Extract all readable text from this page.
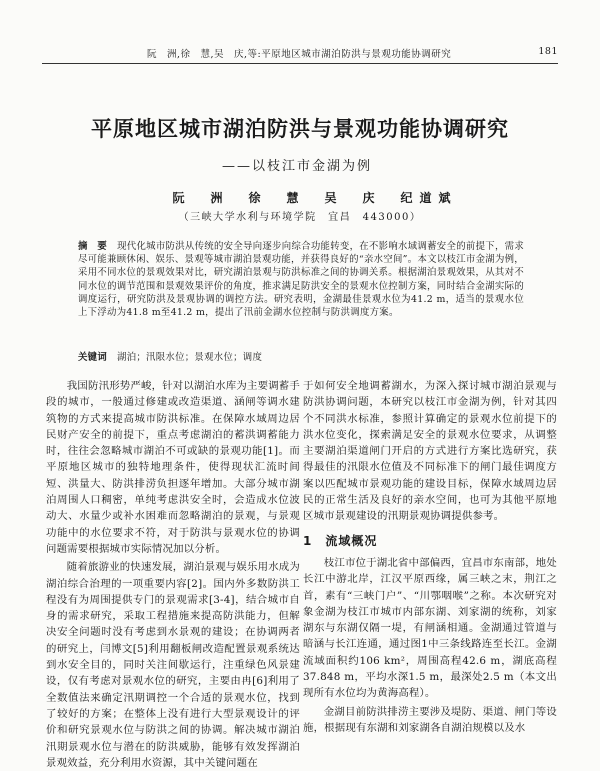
阮　洲,徐　慧,吴　庆,等:平原地区城市湖泊防洪与景观功能协调研究	181
平原地区城市湖泊防洪与景观功能协调研究
——以枝江市金湖为例
阮　洲　徐　慧　吴　庆　纪道斌
（三峡大学水利与环境学院　宜昌　443000）
摘　要 现代化城市防洪从传统的安全导向逐步向综合功能转变，在不影响水域调蓄安全的前提下，需求尽可能兼顾休闲、娱乐、景观等城市湖泊景观功能，并获得良好的“亲水空间”。本文以枝江市金湖为例，采用不同水位的景观效果对比，研究湖泊景观与防洪标准之间的协调关系。根据湖泊景观效果，从其对不同水位的调节范围和景观效果评价的角度，推求满足防洪安全的景观水位控制方案，同时结合金湖实际的调度运行，研究防洪及景观协调的调控方法。研究表明，金湖最佳景观水位为41.2 m，适当的景观水位上下浮动为41.8 m至41.2 m，提出了汛前金湖水位控制与防洪调度方案。
关键词 湖泊；汛限水位；景观水位；调度

我国防汛形势严峻，针对以湖泊水库为主要调蓄手段的城市，一般通过修建或改造渠道、涵闸等调水建筑物的方式来提高城市防洪标准。在保障水域周边居民财产安全的前提下，重点考虑湖泊的蓄洪调蓄能力时，往往会忽略城市湖泊不可或缺的景观功能[1]。而平原地区城市的独特地理条件，使得现状汇流时间短、洪量大、防洪排涝负担逐年增加。大部分城市湖泊周围人口稠密，单纯考虑洪安全时，会造成水位波动大、水量少或补水困难而忽略湖泊的景观，与景观功能中的水位要求不符，对于防洪与景观水位的协调问题需要根据城市实际情况加以分析。

随着旅游业的快速发展，湖泊景观与娱乐用水成为湖泊综合治理的一项重要内容[2]。国内外多数防洪工程没有为周围提供专门的景观需求[3-4]，结合城市自身的需求研究，采取工程措施来提高防洪能力，但解决安全问题时没有考虑到水景观的建设；在协调两者的研究上，闫博文[5]利用翻板闸改造配置景观系统达到水安全目的，同时关注间歇运行，注重绿色风景建设，仅有考虑对景观水位的研究，主要由冉[6]利用了全数值法来确定汛期调控一个合适的景观水位，找到了较好的方案；在整体上没有进行大型景观设计的评价和研究景观水位与防洪之间的协调。解决城市湖泊汛期景观水位与潜在的防洪威胁，能够有效发挥湖泊景观效益，充分利用水资源，其中关键问题在

于如何安全地调蓄湖水，为深入探讨城市湖泊景观与防洪协调问题，本研究以枝江市金湖为例，针对其四个不同洪水标准，参照计算确定的景观水位前提下的洪水位变化，探索满足安全的景观水位要求，从调整主要湖泊渠道闸门开启的方式进行方案比选研究，获得最佳的汛限水位值及不同标准下的闸门最佳调度方案以匹配城市景观功能的建设目标，保障水域周边居民的正常生活及良好的亲水空间，也可为其他平原地区城市景观建设的汛期景观协调提供参考。

1　流域概况

枝江市位于湖北省中部偏西，宜昌市东南部，地处长江中游北岸，江汉平原西缘，属三峡之末，荆江之首，素有“三峡门户”、“川鄂咽喉”之称。本次研究对象金湖为枝江市城市内部东湖、刘家湖的统称，刘家湖东与东湖仅隔一堤，有闸涵相通。金湖通过管道与暗涵与长江连通，通过图1中三条线路连至长江。金湖流域面积约106 km²，周围高程42.6 m，湖底高程37.848 m，平均水深1.5 m，最深处2.5 m（本文出现所有水位均为黄海高程）。

金湖目前防洪排涝主要涉及堤防、渠道、闸门等设施，根据现有东湖和刘家湖各自湖泊规模以及水
